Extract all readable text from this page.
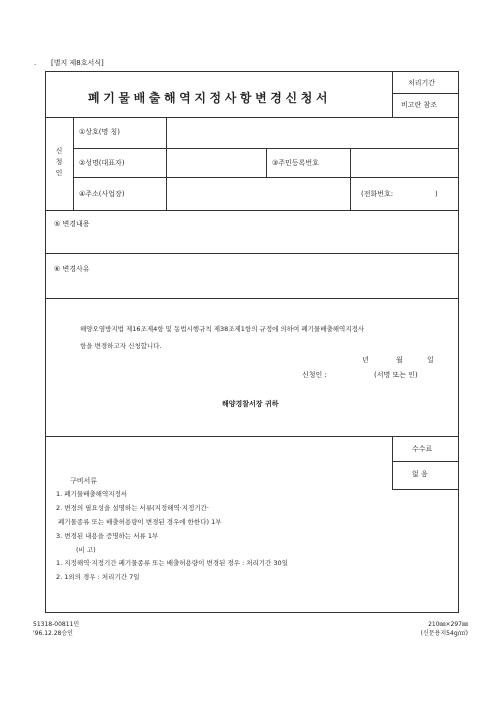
. [별지 제8호서식]
폐기물배출해역지정사항변경신청서
처리기간
비고란 참조
신청인
①상호(명 칭)
②성명(대표자)	③주민등록번호
④주소(사업장)	(전화번호:	)
⑤ 변경내용
⑥ 변경사유
해양오염방지법 제16조제4항 및 동법시행규칙 제38조제1항의 규정에 의하여 폐기물배출해역지정사
항을 변경하고자 신청합니다.
년	월	일
신청인 :	(서명 또는 인)
해양경찰서장 귀하
수수료
없 음
구비서류
1. 폐기물배출해역지정서
2. 변경의 필요성을 설명하는 서류(지정해역·지정기간·
폐기물종류 또는 배출허용량이 변경된 경우에 한한다) 1부
3. 변경된 내용을 증명하는 서류 1부
(비 고)
1. 지정해역·지정기간 폐기물종류 또는 배출허용량이 변경된 경우 : 처리기간 30일
2. 1외의 경우 : 처리기간 7일
51318-00811민
'96.12.28승인
210㎜×297㎜
(신문용지54g/㎡)
